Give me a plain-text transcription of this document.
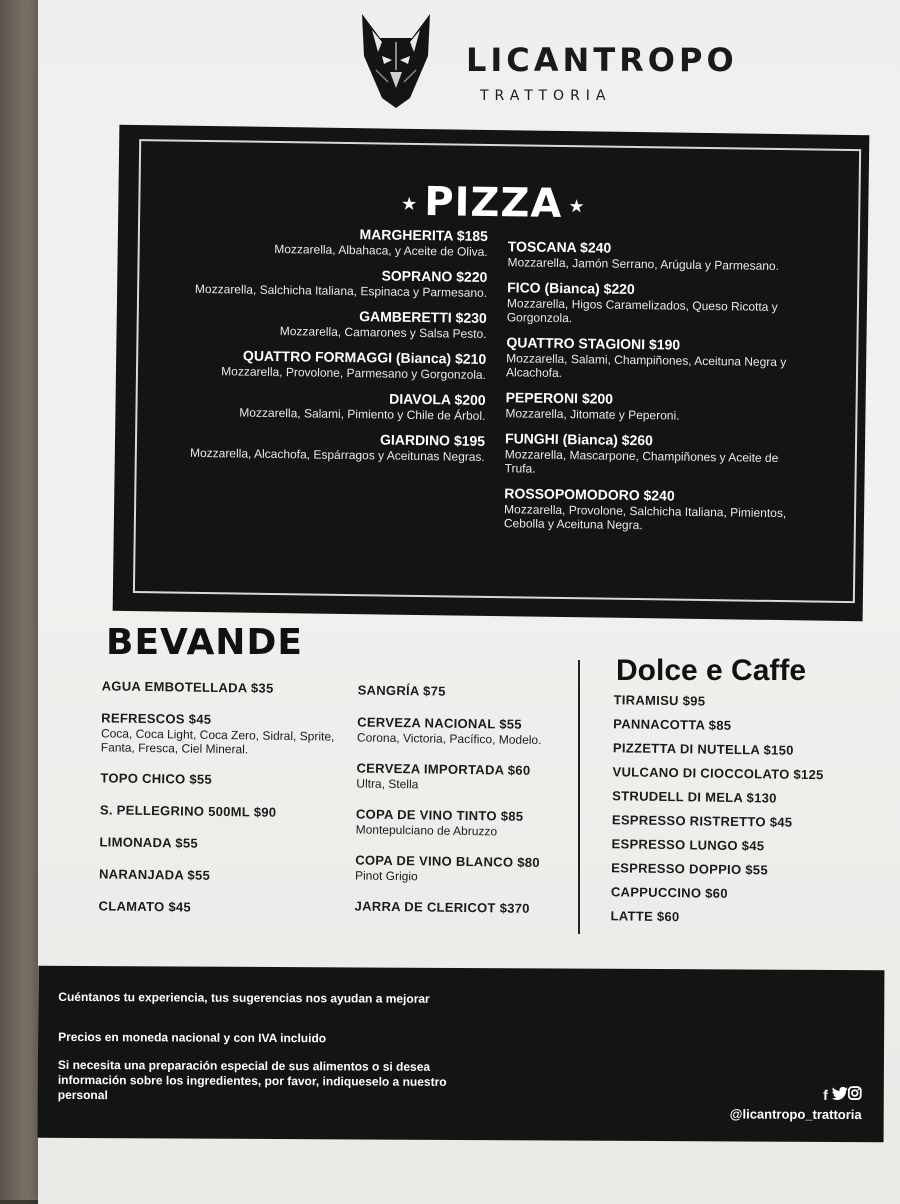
LICANTROPO
TRATTORIA
★ PIZZA ★
MARGHERITA $185
Mozzarella, Albahaca, y Aceite de Oliva.
SOPRANO $220
Mozzarella, Salchicha Italiana, Espinaca y Parmesano.
GAMBERETTI $230
Mozzarella, Camarones y Salsa Pesto.
QUATTRO FORMAGGI (Bianca) $210
Mozzarella, Provolone, Parmesano y Gorgonzola.
DIAVOLA $200
Mozzarella, Salami, Pimiento y Chile de Árbol.
GIARDINO $195
Mozzarella, Alcachofa, Espárragos y Aceitunas Negras.
TOSCANA $240
Mozzarella, Jamón Serrano, Arúgula y Parmesano.
FICO (Bianca) $220
Mozzarella, Higos Caramelizados, Queso Ricotta y Gorgonzola.
QUATTRO STAGIONI $190
Mozzarella, Salami, Champiñones, Aceituna Negra y Alcachofa.
PEPERONI $200
Mozzarella, Jitomate y Peperoni.
FUNGHI (Bianca) $260
Mozzarella, Mascarpone, Champiñones y Aceite de Trufa.
ROSSOPOMODORO $240
Mozzarella, Provolone, Salchicha Italiana, Pimientos, Cebolla y Aceituna Negra.
BEVANDE
AGUA EMBOTELLADA $35
REFRESCOS $45
Coca, Coca Light, Coca Zero, Sidral, Sprite, Fanta, Fresca, Ciel Mineral.
TOPO CHICO $55
S. PELLEGRINO 500ML $90
LIMONADA $55
NARANJADA $55
CLAMATO $45
SANGRÍA $75
CERVEZA NACIONAL $55
Corona, Victoria, Pacífico, Modelo.
CERVEZA IMPORTADA $60
Ultra, Stella
COPA DE VINO TINTO $85
Montepulciano de Abruzzo
COPA DE VINO BLANCO $80
Pinot Grigio
JARRA DE CLERICOT $370
Dolce e Caffe
TIRAMISU $95
PANNACOTTA $85
PIZZETTA DI NUTELLA $150
VULCANO DI CIOCCOLATO $125
STRUDELL DI MELA $130
ESPRESSO RISTRETTO $45
ESPRESSO LUNGO $45
ESPRESSO DOPPIO $55
CAPPUCCINO $60
LATTE $60
Cuéntanos tu experiencia, tus sugerencias nos ayudan a mejorar
Precios en moneda nacional y con IVA incluido
Si necesita una preparación especial de sus alimentos o si desea información sobre los ingredientes, por favor, indiqueselo a nuestro personal	f
@licantropo_trattoria
